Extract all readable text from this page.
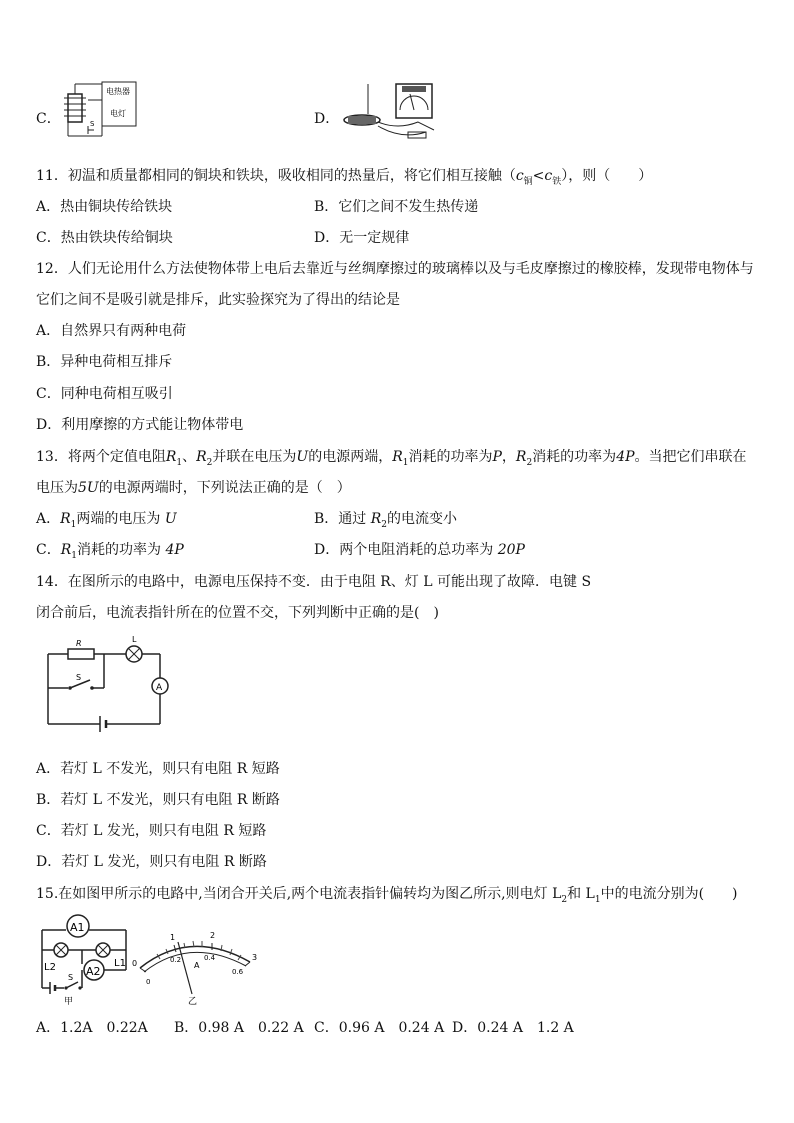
C．
电热器
电灯
S	D．
11．初温和质量都相同的铜块和铁块，吸收相同的热量后，将它们相互接触$(c_铜<c_铁)$，则（　　）
A．热由铜块传给铁块	B．它们之间不发生热传递
C．热由铁块传给铜块	D．无一定规律
12．人们无论用什么方法使物体带上电后去靠近与丝绸摩擦过的玻璃棒以及与毛皮摩擦过的橡胶棒，发现带电物体与
它们之间不是吸引就是排斥，此实验探究为了得出的结论是
A．自然界只有两种电荷
B．异种电荷相互排斥
C．同种电荷相互吸引
D．利用摩擦的方式能让物体带电
13．将两个定值电阻$R_1$、$R_2$并联在电压为U的电源两端，$R_1$消耗的功率为P，$R_2$消耗的功率为4P。当把它们串联在
电压为5U的电源两端时，下列说法正确的是（　）
A．$R_1$两端的电压为 U	B．通过 $R_2$的电流变小
C．$R_1$消耗的功率为 4P	D．两个电阻消耗的总功率为 20P
14．在图所示的电路中，电源电压保持不变．由于电阻 R、灯 L 可能出现了故障．电键 S
闭合前后，电流表指针所在的位置不交，下列判断中正确的是(　)
R	L
A
S
A．若灯 L 不发光，则只有电阻 R 短路
B．若灯 L 不发光，则只有电阻 R 断路
C．若灯 L 发光，则只有电阻 R 短路
D．若灯 L 发光，则只有电阻 R 断路
15.在如图甲所示的电路中,当闭合开关后,两个电流表指针偏转均为图乙所示,则电灯 $L_2$和 $L_1$中的电流分别为(　　)
A1
L2	L1
A2
S
甲
0
1	2
3
0
0.2	0.4
0.6
A
乙
A．1.2A　0.22A B．0.98 A　0.22 A C．0.96 A　0.24 A D．0.24 A　1.2 A
